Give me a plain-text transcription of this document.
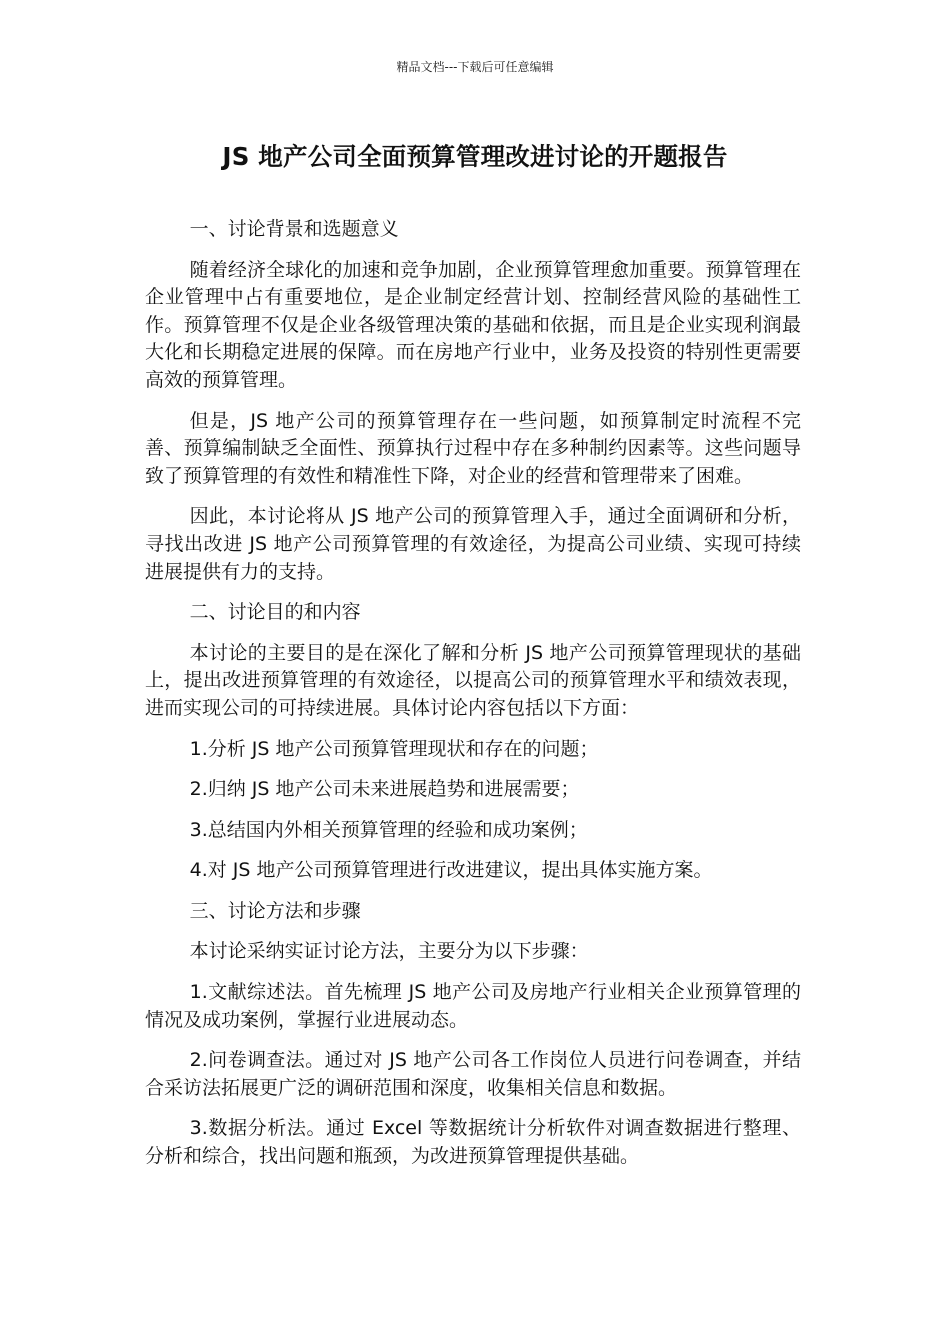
精品文档---下载后可任意编辑
JS 地产公司全面预算管理改进讨论的开题报告

一、讨论背景和选题意义

随着经济全球化的加速和竞争加剧，企业预算管理愈加重要。预算管理在企业管理中占有重要地位，是企业制定经营计划、控制经营风险的基础性工作。预算管理不仅是企业各级管理决策的基础和依据，而且是企业实现利润最大化和长期稳定进展的保障。而在房地产行业中，业务及投资的特别性更需要高效的预算管理。

但是，JS 地产公司的预算管理存在一些问题，如预算制定时流程不完善、预算编制缺乏全面性、预算执行过程中存在多种制约因素等。这些问题导致了预算管理的有效性和精准性下降，对企业的经营和管理带来了困难。

因此，本讨论将从 JS 地产公司的预算管理入手，通过全面调研和分析，寻找出改进 JS 地产公司预算管理的有效途径，为提高公司业绩、实现可持续进展提供有力的支持。

二、讨论目的和内容

本讨论的主要目的是在深化了解和分析 JS 地产公司预算管理现状的基础上，提出改进预算管理的有效途径，以提高公司的预算管理水平和绩效表现，进而实现公司的可持续进展。具体讨论内容包括以下方面：

1.分析 JS 地产公司预算管理现状和存在的问题；

2.归纳 JS 地产公司未来进展趋势和进展需要；

3.总结国内外相关预算管理的经验和成功案例；

4.对 JS 地产公司预算管理进行改进建议，提出具体实施方案。

三、讨论方法和步骤

本讨论采纳实证讨论方法，主要分为以下步骤：

1.文献综述法。首先梳理 JS 地产公司及房地产行业相关企业预算管理的情况及成功案例，掌握行业进展动态。

2.问卷调查法。通过对 JS 地产公司各工作岗位人员进行问卷调查，并结合采访法拓展更广泛的调研范围和深度，收集相关信息和数据。

3.数据分析法。通过 Excel 等数据统计分析软件对调查数据进行整理、分析和综合，找出问题和瓶颈，为改进预算管理提供基础。
